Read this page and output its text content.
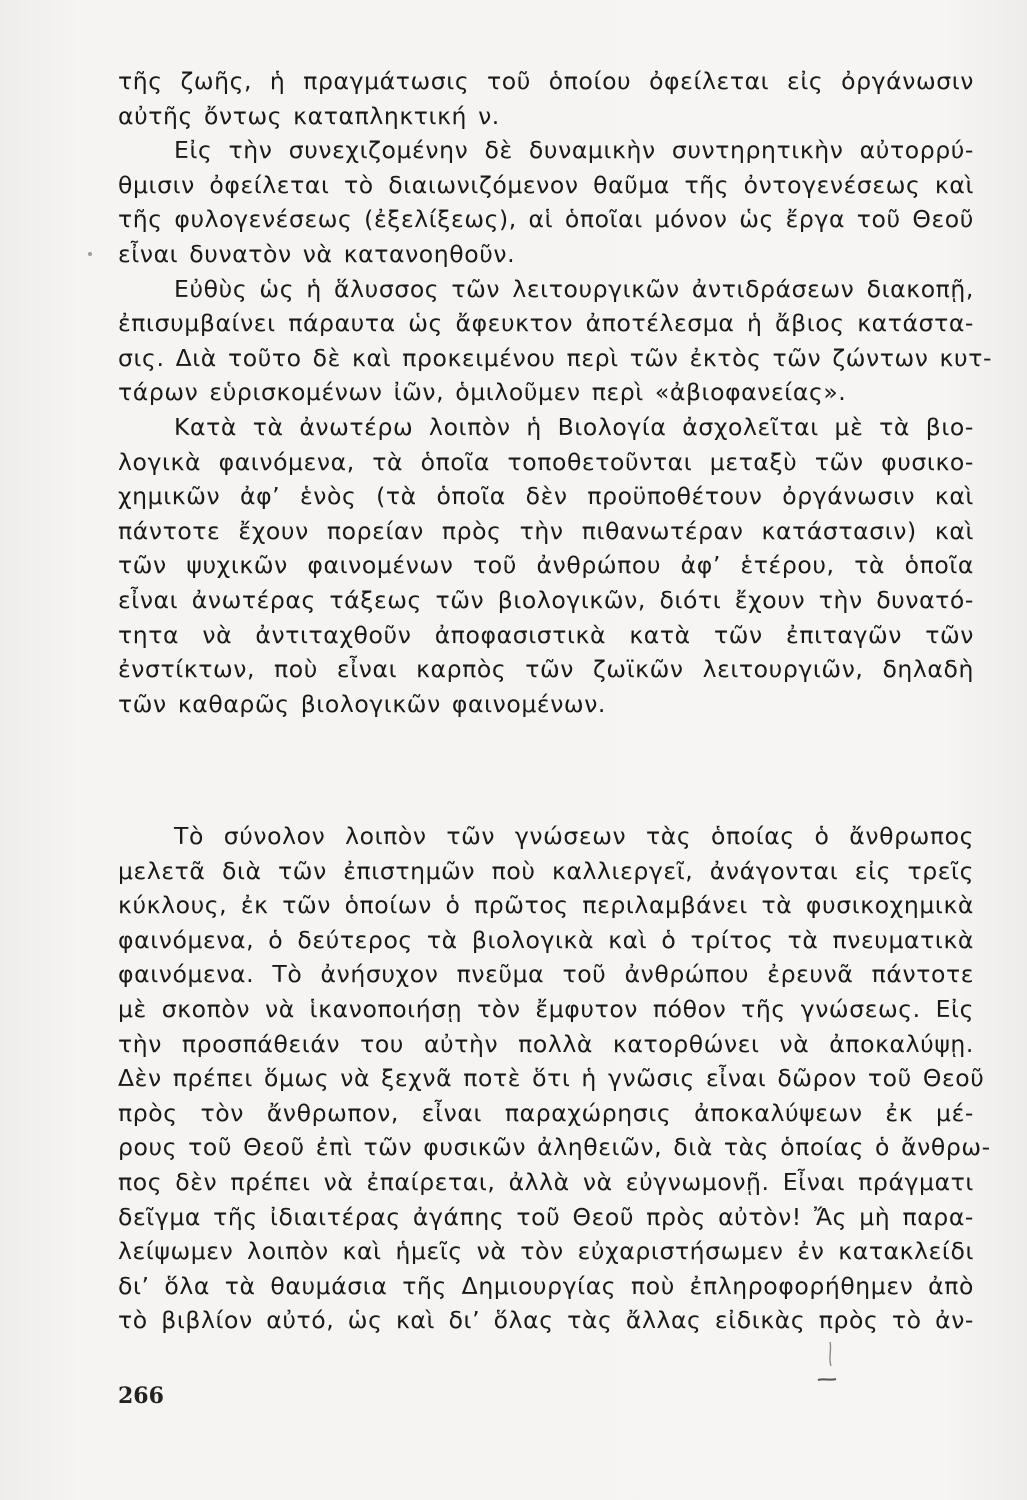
τῆς ζωῆς, ἡ πραγμάτωσις τοῦ ὁποίου ὀφείλεται εἰς ὀργάνωσιν
αὐτῆς ὄντως καταπληκτική ν.
Εἰς τὴν συνεχιζομένην δὲ δυναμικὴν συντηρητικὴν αὐτορρύ-
θμισιν ὀφείλεται τὸ διαιωνιζόμενον θαῦμα τῆς ὀντογενέσεως καὶ
τῆς φυλογενέσεως (ἐξελίξεως), αἱ ὁποῖαι μόνον ὡς ἔργα τοῦ Θεοῦ
εἶναι δυνατὸν νὰ κατανοηθοῦν.
Εὐθὺς ὡς ἡ ἅλυσσος τῶν λειτουργικῶν ἀντιδράσεων διακοπῇ,
ἐπισυμβαίνει πάραυτα ὡς ἄφευκτον ἀποτέλεσμα ἡ ἄβιος κατάστα-
σις. Διὰ τοῦτο δὲ καὶ προκειμένου περὶ τῶν ἐκτὸς τῶν ζώντων κυτ-
τάρων εὑρισκομένων ἰῶν, ὁμιλοῦμεν περὶ «ἀβιοφανείας».
Κατὰ τὰ ἀνωτέρω λοιπὸν ἡ Βιολογία ἀσχολεῖται μὲ τὰ βιο-
λογικὰ φαινόμενα, τὰ ὁποῖα τοποθετοῦνται μεταξὺ τῶν φυσικο-
χημικῶν ἀφ’ ἑνὸς (τὰ ὁποῖα δὲν προϋποθέτουν ὀργάνωσιν καὶ
πάντοτε ἔχουν πορείαν πρὸς τὴν πιθανωτέραν κατάστασιν) καὶ
τῶν ψυχικῶν φαινομένων τοῦ ἀνθρώπου ἀφ’ ἑτέρου, τὰ ὁποῖα
εἶναι ἀνωτέρας τάξεως τῶν βιολογικῶν, διότι ἔχουν τὴν δυνατό-
τητα νὰ ἀντιταχθοῦν ἀποφασιστικὰ κατὰ τῶν ἐπιταγῶν τῶν
ἐνστίκτων, ποὺ εἶναι καρπὸς τῶν ζωϊκῶν λειτουργιῶν, δηλαδὴ
τῶν καθαρῶς βιολογικῶν φαινομένων.
Τὸ σύνολον λοιπὸν τῶν γνώσεων τὰς ὁποίας ὁ ἄνθρωπος
μελετᾶ διὰ τῶν ἐπιστημῶν ποὺ καλλιεργεῖ, ἀνάγονται εἰς τρεῖς
κύκλους, ἐκ τῶν ὁποίων ὁ πρῶτος περιλαμβάνει τὰ φυσικοχημικὰ
φαινόμενα, ὁ δεύτερος τὰ βιολογικὰ καὶ ὁ τρίτος τὰ πνευματικὰ
φαινόμενα. Τὸ ἀνήσυχον πνεῦμα τοῦ ἀνθρώπου ἐρευνᾶ πάντοτε
μὲ σκοπὸν νὰ ἱκανοποιήσῃ τὸν ἔμφυτον πόθον τῆς γνώσεως. Εἰς
τὴν προσπάθειάν του αὐτὴν πολλὰ κατορθώνει νὰ ἀποκαλύψῃ.
Δὲν πρέπει ὅμως νὰ ξεχνᾶ ποτὲ ὅτι ἡ γνῶσις εἶναι δῶρον τοῦ Θεοῦ
πρὸς τὸν ἄνθρωπον, εἶναι παραχώρησις ἀποκαλύψεων ἐκ μέ-
ρους τοῦ Θεοῦ ἐπὶ τῶν φυσικῶν ἀληθειῶν, διὰ τὰς ὁποίας ὁ ἄνθρω-
πος δὲν πρέπει νὰ ἐπαίρεται, ἀλλὰ νὰ εὐγνωμονῇ. Εἶναι πράγματι
δεῖγμα τῆς ἰδιαιτέρας ἀγάπης τοῦ Θεοῦ πρὸς αὐτὸν! Ἄς μὴ παρα-
λείψωμεν λοιπὸν καὶ ἡμεῖς νὰ τὸν εὐχαριστήσωμεν ἐν κατακλείδι
δι’ ὅλα τὰ θαυμάσια τῆς Δημιουργίας ποὺ ἐπληροφορήθημεν ἀπὸ
τὸ βιβλίον αὐτό, ὡς καὶ δι’ ὅλας τὰς ἄλλας εἰδικὰς πρὸς τὸ ἀν-
266
